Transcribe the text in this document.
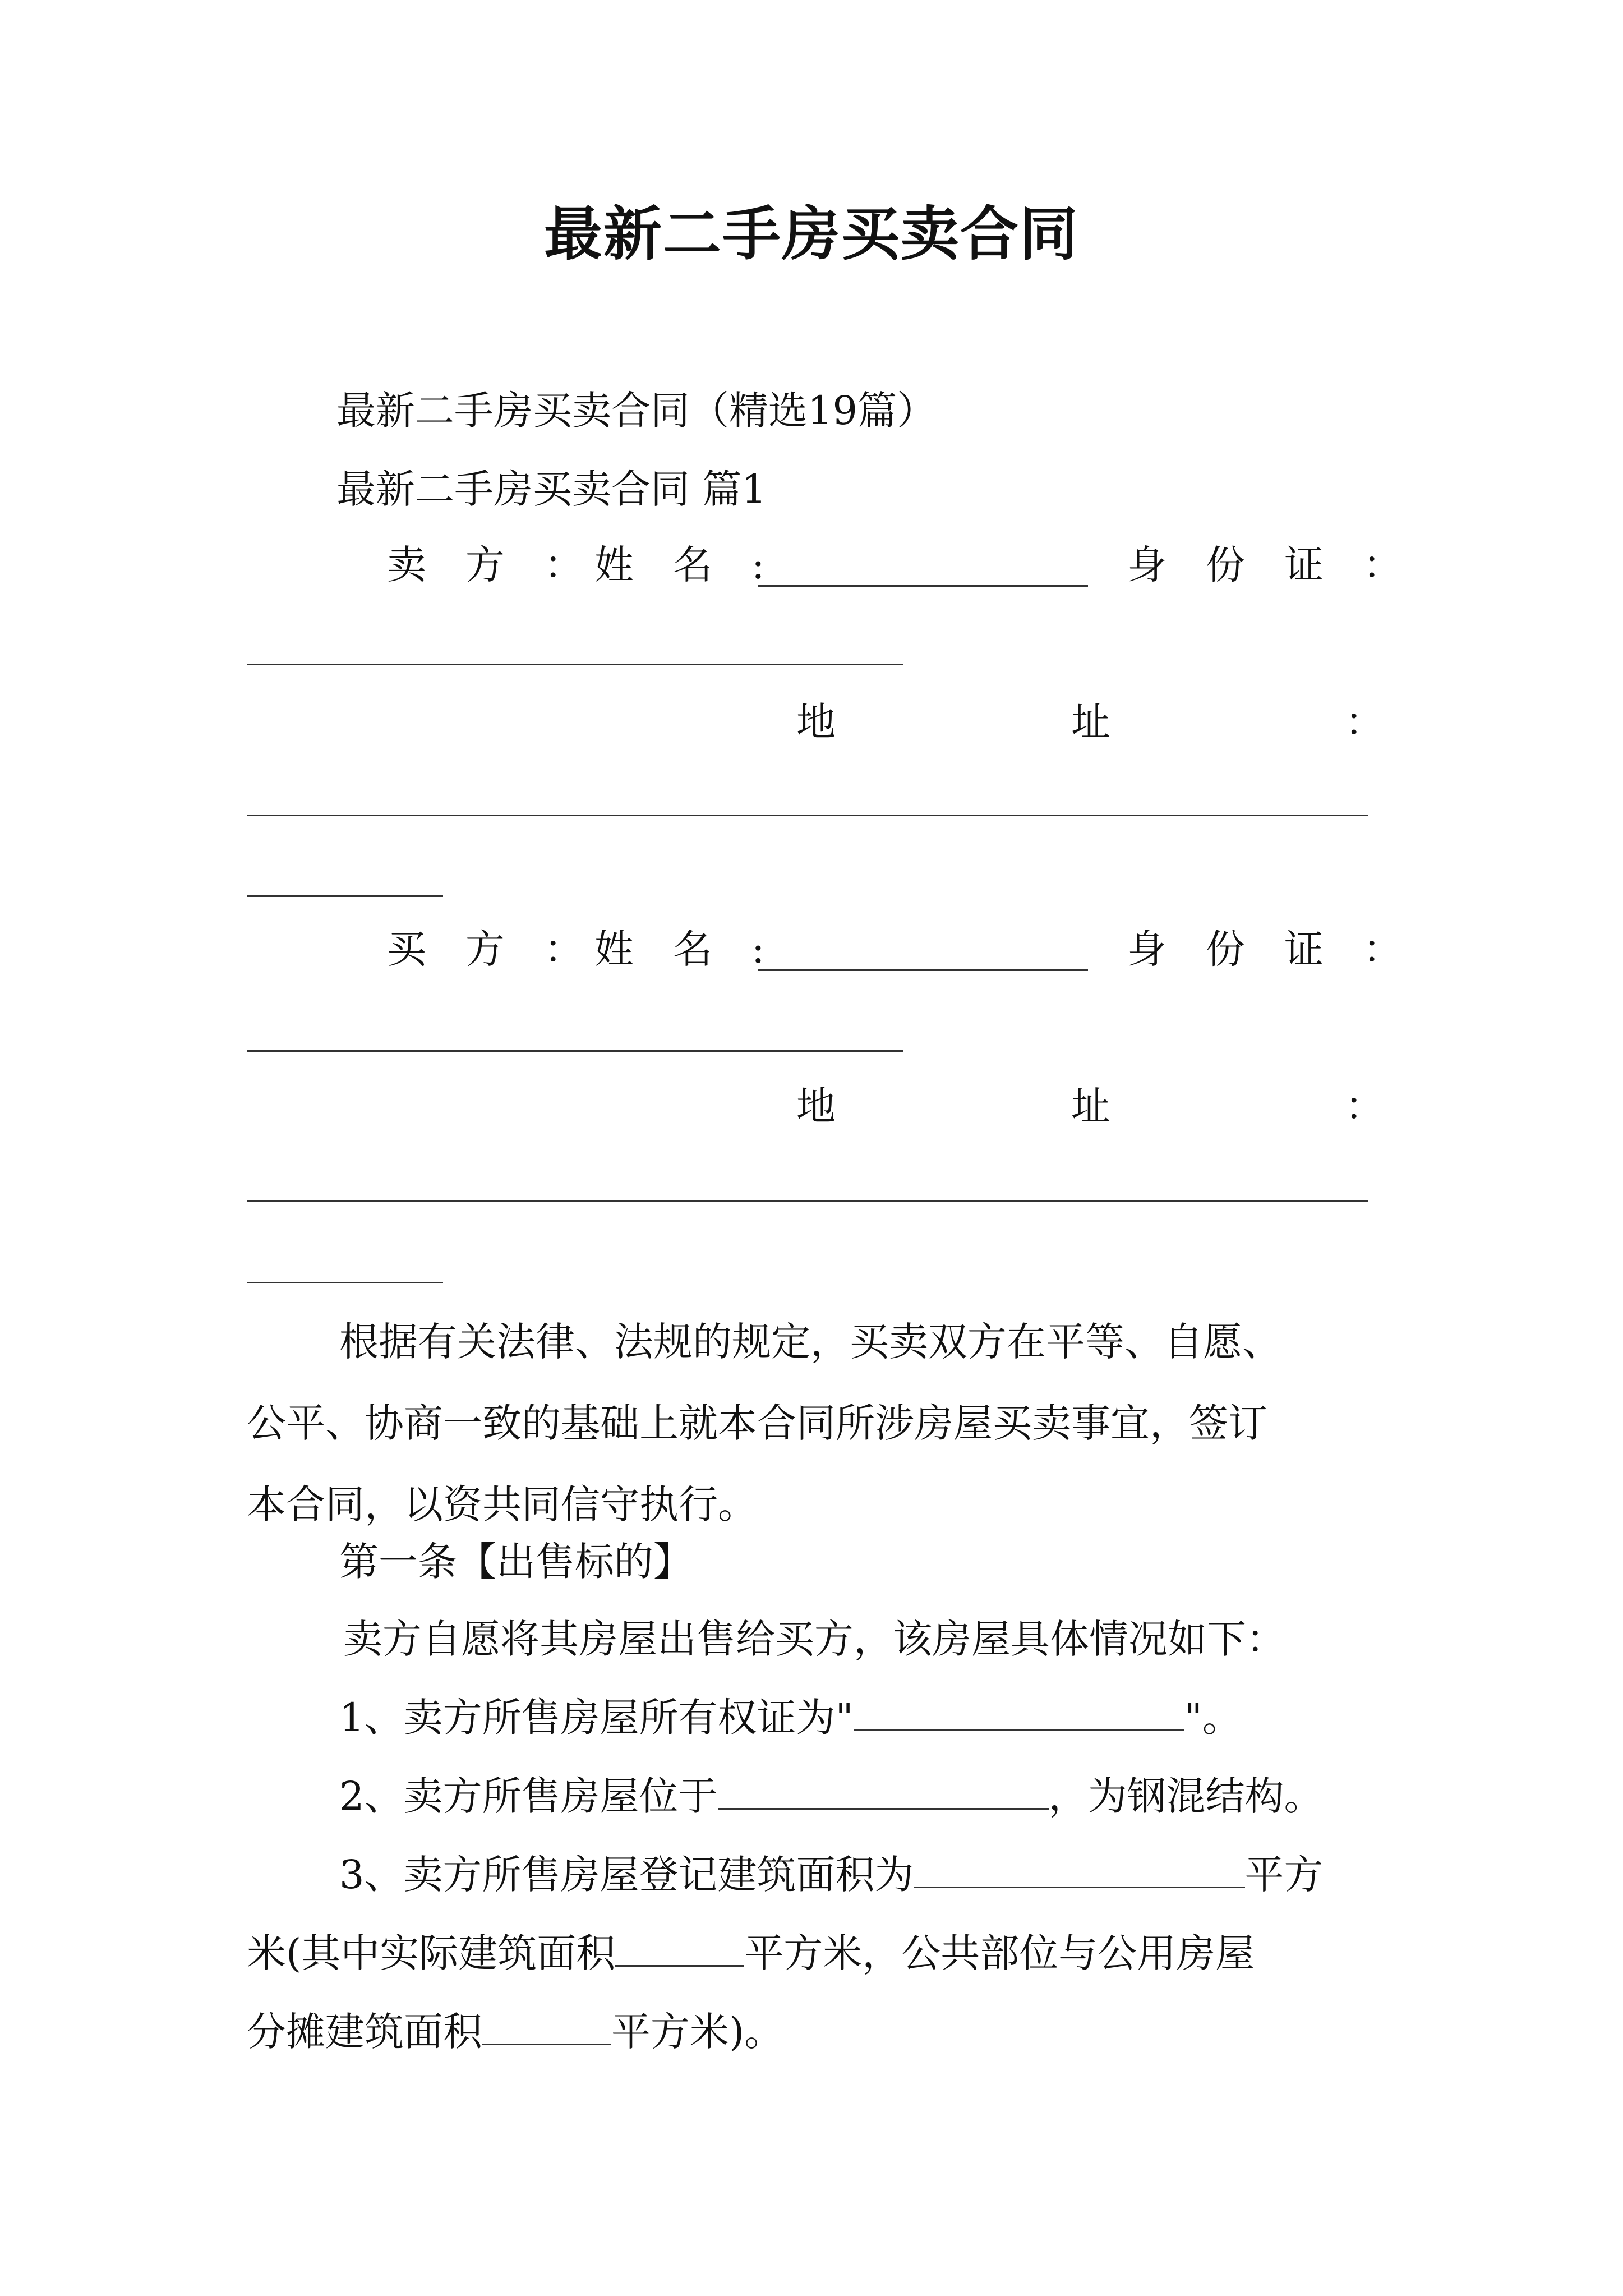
最新二手房买卖合同
最新二手房买卖合同（精选19篇）
最新二手房买卖合同 篇1
卖　方　： 姓　名　:	身　份　证　：
地	址	：
买　方　： 姓　名　:	身　份　证　：
地	址	：
根据有关法律、法规的规定，买卖双方在平等、自愿、
公平、协商一致的基础上就本合同所涉房屋买卖事宜，签订
本合同，以资共同信守执行。
第一条【出售标的】
卖方自愿将其房屋出售给买方，该房屋具体情况如下：
1、卖方所售房屋所有权证为"	"。
2、卖方所售房屋位于	，为钢混结构。
3、卖方所售房屋登记建筑面积为	平方
米(其中实际建筑面积	平方米，公共部位与公用房屋
分摊建筑面积	平方米)。
